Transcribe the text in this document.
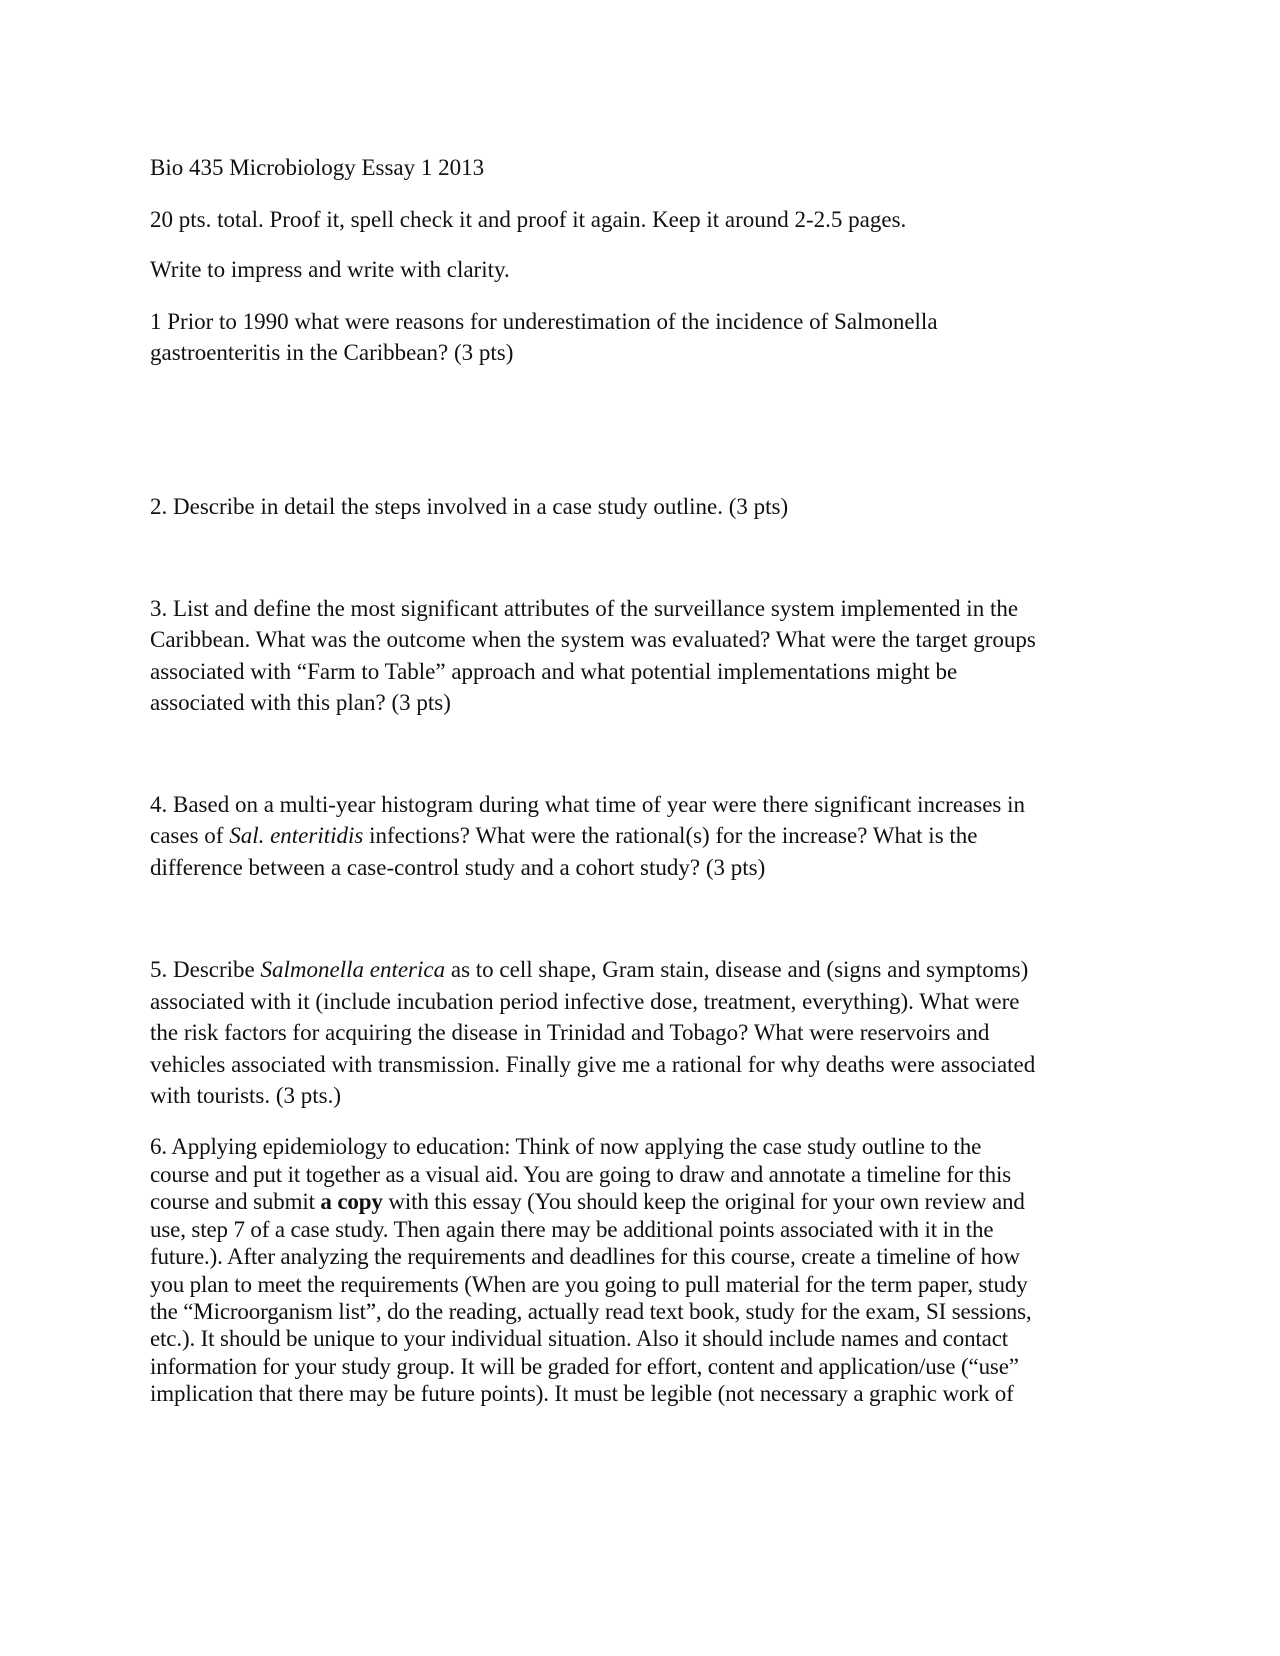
Bio 435 Microbiology Essay 1 2013
20 pts. total. Proof it, spell check it and proof it again. Keep it around 2-2.5 pages.
Write to impress and write with clarity.
1 Prior to 1990 what were reasons for underestimation of the incidence of Salmonella
gastroenteritis in the Caribbean? (3 pts)
2. Describe in detail the steps involved in a case study outline. (3 pts)
3. List and define the most significant attributes of the surveillance system implemented in the
Caribbean. What was the outcome when the system was evaluated? What were the target groups
associated with “Farm to Table” approach and what potential implementations might be
associated with this plan? (3 pts)
4. Based on a multi-year histogram during what time of year were there significant increases in
cases of Sal. enteritidis infections? What were the rational(s) for the increase? What is the
difference between a case-control study and a cohort study? (3 pts)
5. Describe Salmonella enterica as to cell shape, Gram stain, disease and (signs and symptoms)
associated with it (include incubation period infective dose, treatment, everything). What were
the risk factors for acquiring the disease in Trinidad and Tobago? What were reservoirs and
vehicles associated with transmission. Finally give me a rational for why deaths were associated
with tourists. (3 pts.)
6. Applying epidemiology to education: Think of now applying the case study outline to the
course and put it together as a visual aid. You are going to draw and annotate a timeline for this
course and submit a copy with this essay (You should keep the original for your own review and
use, step 7 of a case study. Then again there may be additional points associated with it in the
future.). After analyzing the requirements and deadlines for this course, create a timeline of how
you plan to meet the requirements (When are you going to pull material for the term paper, study
the “Microorganism list”, do the reading, actually read text book, study for the exam, SI sessions,
etc.). It should be unique to your individual situation. Also it should include names and contact
information for your study group. It will be graded for effort, content and application/use (“use”
implication that there may be future points). It must be legible (not necessary a graphic work of
